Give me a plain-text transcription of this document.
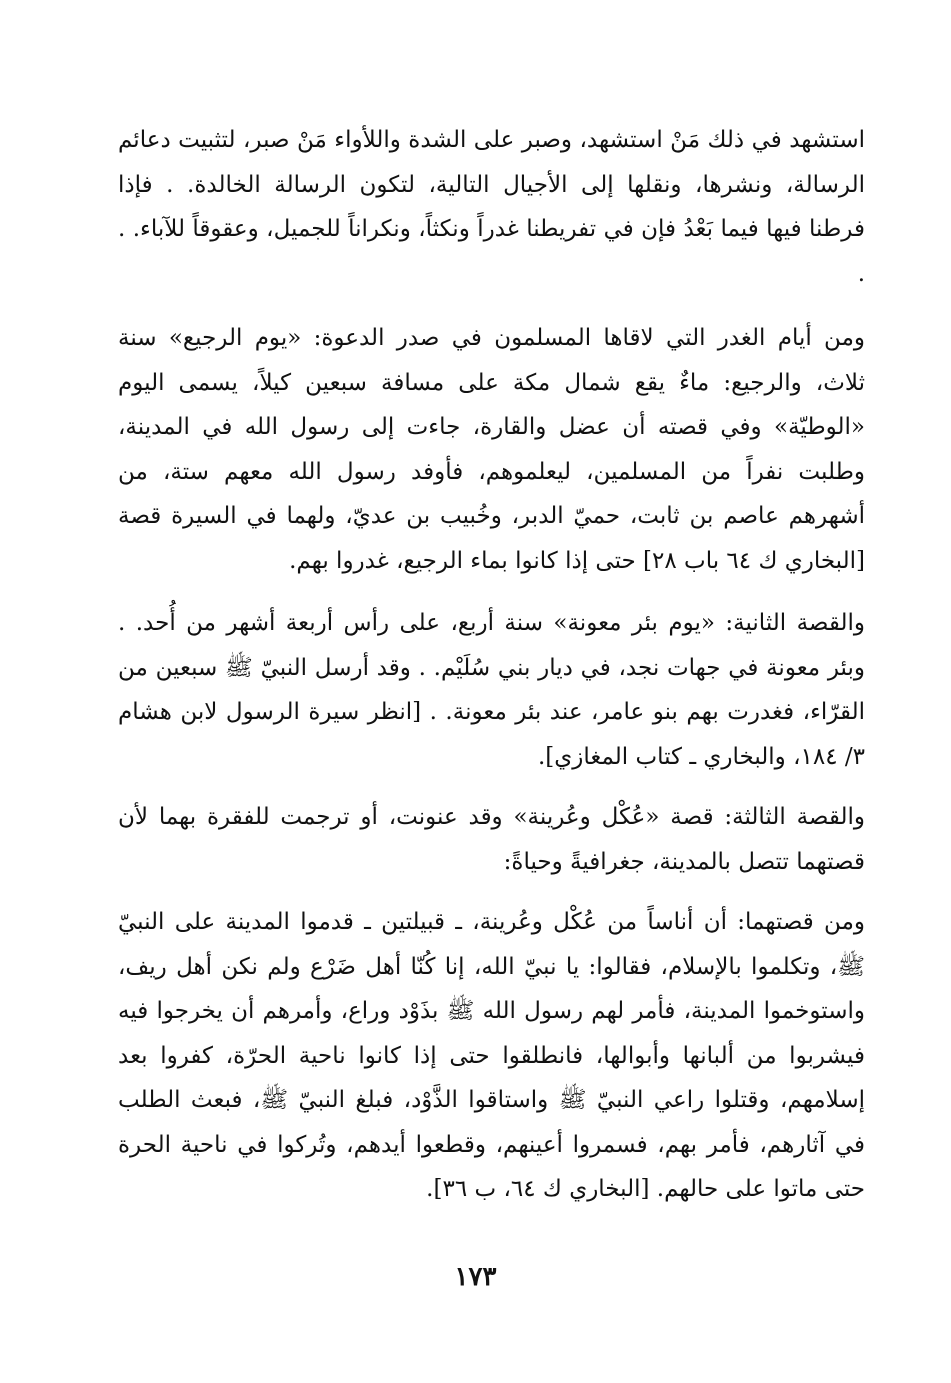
استشهد في ذلك مَنْ استشهد، وصبر على الشدة واللأواء مَنْ صبر، لتثبيت دعائم الرسالة، ونشرها، ونقلها إلى الأجيال التالية، لتكون الرسالة الخالدة. . فإذا فرطنا فيها فيما بَعْدُ فإن في تفريطنا غدراً ونكثاً، ونكراناً للجميل، وعقوقاً للآباء. . .

ومن أيام الغدر التي لاقاها المسلمون في صدر الدعوة: «يوم الرجيع» سنة ثلاث، والرجيع: ماءٌ يقع شمال مكة على مسافة سبعين كيلاً، يسمى اليوم «الوطيّة» وفي قصته أن عضل والقارة، جاءت إلى رسول الله في المدينة، وطلبت نفراً من المسلمين، ليعلموهم، فأوفد رسول الله معهم ستة، من أشهرهم عاصم بن ثابت، حميّ الدبر، وخُبيب بن عديّ، ولهما في السيرة قصة [البخاري ك ٦٤ باب ٢٨] حتى إذا كانوا بماء الرجيع، غدروا بهم.

والقصة الثانية: «يوم بئر معونة» سنة أربع، على رأس أربعة أشهر من أُحد. . وبئر معونة في جهات نجد، في ديار بني سُلَيْم. . وقد أرسل النبيّ ﷺ سبعين من القرّاء، فغدرت بهم بنو عامر، عند بئر معونة. . [انظر سيرة الرسول لابن هشام ٣/ ١٨٤، والبخاري ـ كتاب المغازي].

والقصة الثالثة: قصة «عُكْل وعُرينة» وقد عنونت، أو ترجمت للفقرة بهما لأن قصتهما تتصل بالمدينة، جغرافيةً وحياةً:

ومن قصتهما: أن أناساً من عُكْل وعُرينة، ـ قبيلتين ـ قدموا المدينة على النبيّ ﷺ، وتكلموا بالإسلام، فقالوا: يا نبيّ الله، إنا كُنّا أهل ضَرْع ولم نكن أهل ريف، واستوخموا المدينة، فأمر لهم رسول الله ﷺ بذَوْد وراع، وأمرهم أن يخرجوا فيه فيشربوا من ألبانها وأبوالها، فانطلقوا حتى إذا كانوا ناحية الحرّة، كفروا بعد إسلامهم، وقتلوا راعي النبيّ ﷺ واستاقوا الذَّوْد، فبلغ النبيّ ﷺ، فبعث الطلب في آثارهم، فأمر بهم، فسمروا أعينهم، وقطعوا أيدهم، وتُركوا في ناحية الحرة حتى ماتوا على حالهم. [البخاري ك ٦٤، ب ٣٦].

١٧٣
